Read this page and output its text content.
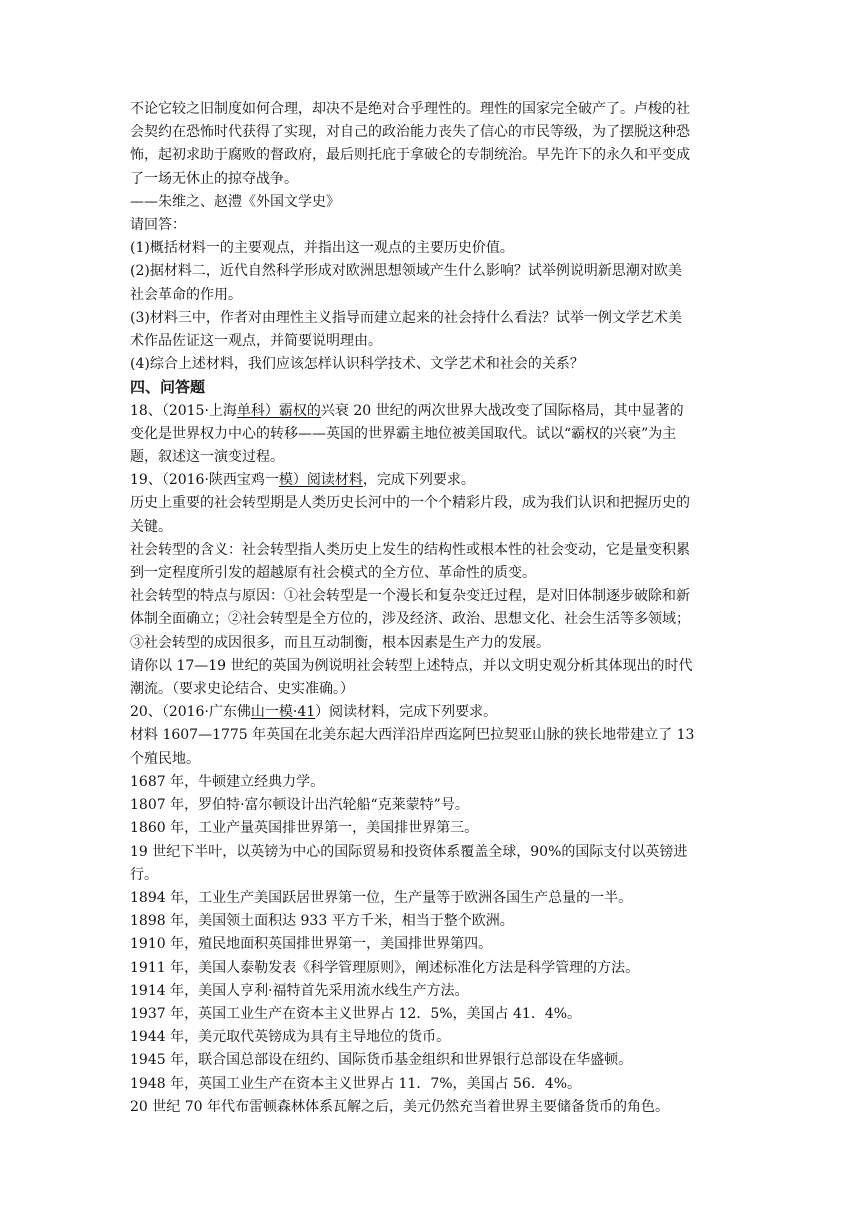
不论它较之旧制度如何合理，却决不是绝对合乎理性的。理性的国家完全破产了。卢梭的社
会契约在恐怖时代获得了实现，对自己的政治能力丧失了信心的市民等级，为了摆脱这种恐
怖，起初求助于腐败的督政府，最后则托庇于拿破仑的专制统治。早先许下的永久和平变成
了一场无休止的掠夺战争。
——朱维之、赵澧《外国文学史》
请回答：
(1)概括材料一的主要观点，并指出这一观点的主要历史价值。
(2)据材料二，近代自然科学形成对欧洲思想领域产生什么影响？试举例说明新思潮对欧美
社会革命的作用。
(3)材料三中，作者对由理性主义指导而建立起来的社会持什么看法？试举一例文学艺术美
术作品佐证这一观点，并简要说明理由。
(4)综合上述材料，我们应该怎样认识科学技术、文学艺术和社会的关系？
四、问答题
18、（2015·上海单科）霸权的兴衰 20 世纪的两次世界大战改变了国际格局，其中显著的
变化是世界权力中心的转移——英国的世界霸主地位被美国取代。试以“霸权的兴衰”为主
题，叙述这一演变过程。
19、（2016·陕西宝鸡一模）阅读材料，完成下列要求。
历史上重要的社会转型期是人类历史长河中的一个个精彩片段，成为我们认识和把握历史的
关键。
社会转型的含义：社会转型指人类历史上发生的结构性或根本性的社会变动，它是量变积累
到一定程度所引发的超越原有社会模式的全方位、革命性的质变。
社会转型的特点与原因：①社会转型是一个漫长和复杂变迁过程，是对旧体制逐步破除和新
体制全面确立；②社会转型是全方位的，涉及经济、政治、思想文化、社会生活等多领域；
③社会转型的成因很多，而且互动制衡，根本因素是生产力的发展。
请你以 17—19 世纪的英国为例说明社会转型上述特点，并以文明史观分析其体现出的时代
潮流。（要求史论结合、史实准确。）
20、（2016·广东佛山一模·41）阅读材料，完成下列要求。
材料 1607—1775 年英国在北美东起大西洋沿岸西迄阿巴拉契亚山脉的狭长地带建立了 13
个殖民地。
1687 年，牛顿建立经典力学。
1807 年，罗伯特·富尔顿设计出汽轮船“克莱蒙特”号。
1860 年，工业产量英国排世界第一，美国排世界第三。
19 世纪下半叶，以英镑为中心的国际贸易和投资体系覆盖全球，90%的国际支付以英镑进
行。
1894 年，工业生产美国跃居世界第一位，生产量等于欧洲各国生产总量的一半。
1898 年，美国领土面积达 933 平方千米，相当于整个欧洲。
1910 年，殖民地面积英国排世界第一，美国排世界第四。
1911 年，美国人泰勒发表《科学管理原则》，阐述标准化方法是科学管理的方法。
1914 年，美国人亨利·福特首先采用流水线生产方法。
1937 年，英国工业生产在资本主义世界占 12．5%，美国占 41．4%。
1944 年，美元取代英镑成为具有主导地位的货币。
1945 年，联合国总部设在纽约、国际货币基金组织和世界银行总部设在华盛顿。
1948 年，英国工业生产在资本主义世界占 11．7%，美国占 56．4%。
20 世纪 70 年代布雷顿森林体系瓦解之后，美元仍然充当着世界主要储备货币的角色。
